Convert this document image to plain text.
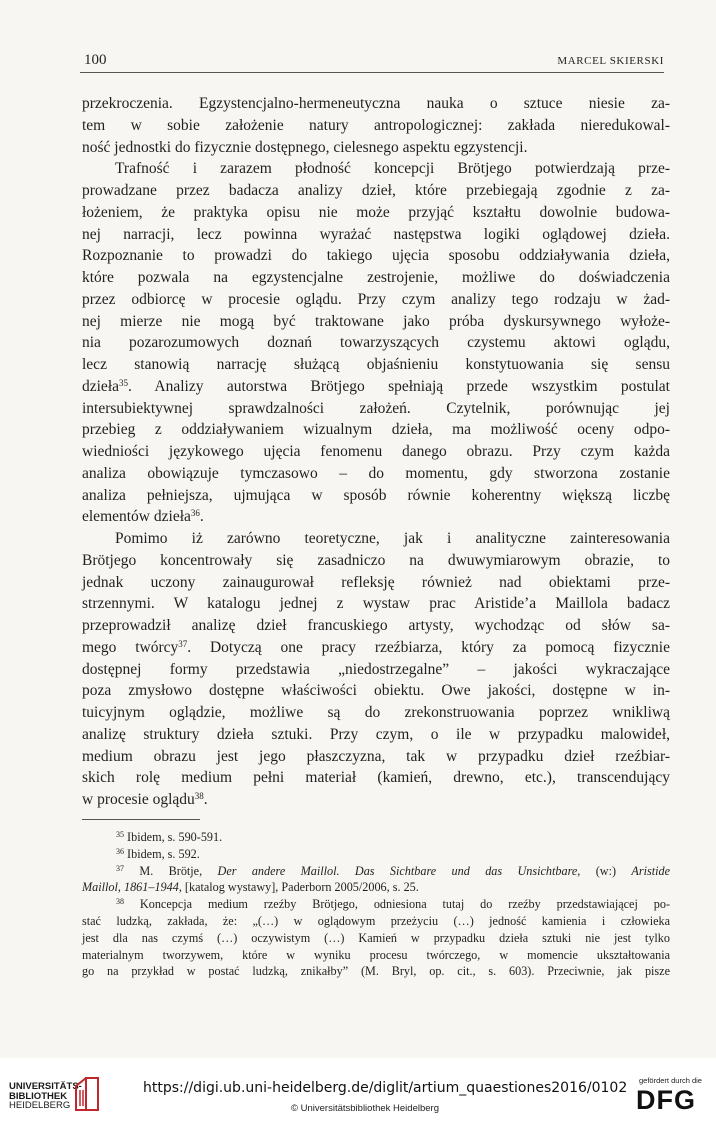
100	MARCEL SKIERSKI

przekroczenia. Egzystencjalno-hermeneutyczna nauka o sztuce niesie za-
tem w sobie założenie natury antropologicznej: zakłada nieredukowal-
ność jednostki do fizycznie dostępnego, cielesnego aspektu egzystencji.

Trafność i zarazem płodność koncepcji Brötjego potwierdzają prze-
prowadzane przez badacza analizy dzieł, które przebiegają zgodnie z za-
łożeniem, że praktyka opisu nie może przyjąć kształtu dowolnie budowa-
nej narracji, lecz powinna wyrażać następstwa logiki oglądowej dzieła.
Rozpoznanie to prowadzi do takiego ujęcia sposobu oddziaływania dzieła,
które pozwala na egzystencjalne zestrojenie, możliwe do doświadczenia
przez odbiorcę w procesie oglądu. Przy czym analizy tego rodzaju w żad-
nej mierze nie mogą być traktowane jako próba dyskursywnego wyłoże-
nia pozarozumowych doznań towarzyszących czystemu aktowi oglądu,
lecz stanowią narrację służącą objaśnieniu konstytuowania się sensu
dzieła$^{35}$. Analizy autorstwa Brötjego spełniają przede wszystkim postulat
intersubiektywnej sprawdzalności założeń. Czytelnik, porównując jej
przebieg z oddziaływaniem wizualnym dzieła, ma możliwość oceny odpo-
wiedniości językowego ujęcia fenomenu danego obrazu. Przy czym każda
analiza obowiązuje tymczasowo – do momentu, gdy stworzona zostanie
analiza pełniejsza, ujmująca w sposób równie koherentny większą liczbę
elementów dzieła$^{36}$.

Pomimo iż zarówno teoretyczne, jak i analityczne zainteresowania
Brötjego koncentrowały się zasadniczo na dwuwymiarowym obrazie, to
jednak uczony zainaugurował refleksję również nad obiektami prze-
strzennymi. W katalogu jednej z wystaw prac Aristide’a Maillola badacz
przeprowadził analizę dzieł francuskiego artysty, wychodząc od słów sa-
mego twórcy$^{37}$. Dotyczą one pracy rzeźbiarza, który za pomocą fizycznie
dostępnej formy przedstawia „niedostrzegalne” – jakości wykraczające
poza zmysłowo dostępne właściwości obiektu. Owe jakości, dostępne w in-
tuicyjnym oglądzie, możliwe są do zrekonstruowania poprzez wnikliwą
analizę struktury dzieła sztuki. Przy czym, o ile w przypadku malowideł,
medium obrazu jest jego płaszczyzna, tak w przypadku dzieł rzeźbiar-
skich rolę medium pełni materiał (kamień, drewno, etc.), transcendujący
w procesie oglądu$^{38}$.

$^{35}$ Ibidem, s. 590-591.
$^{36}$ Ibidem, s. 592.
$^{37}$ M. Brötje, Der andere Maillol. Das Sichtbare und das Unsichtbare, (w:) Aristide
Maillol, 1861–1944, [katalog wystawy], Paderborn 2005/2006, s. 25.
$^{38}$ Koncepcja medium rzeźby Brötjego, odniesiona tutaj do rzeźby przedstawiającej po-
stać ludzką, zakłada, że: „(…) w oglądowym przeżyciu (…) jedność kamienia i człowieka
jest dla nas czymś (…) oczywistym (…) Kamień w przypadku dzieła sztuki nie jest tylko
materialnym tworzywem, które w wyniku procesu twórczego, w momencie ukształtowania
go na przykład w postać ludzką, znikałby” (M. Bryl, op. cit., s. 603). Przeciwnie, jak pisze
UNIVERSITÄTS-
BIBLIOTHEK
HEIDELBERG
https://digi.ub.uni-heidelberg.de/diglit/artium_quaestiones2016/0102
© Universitätsbibliothek Heidelberg
gefördert durch die
DFG
